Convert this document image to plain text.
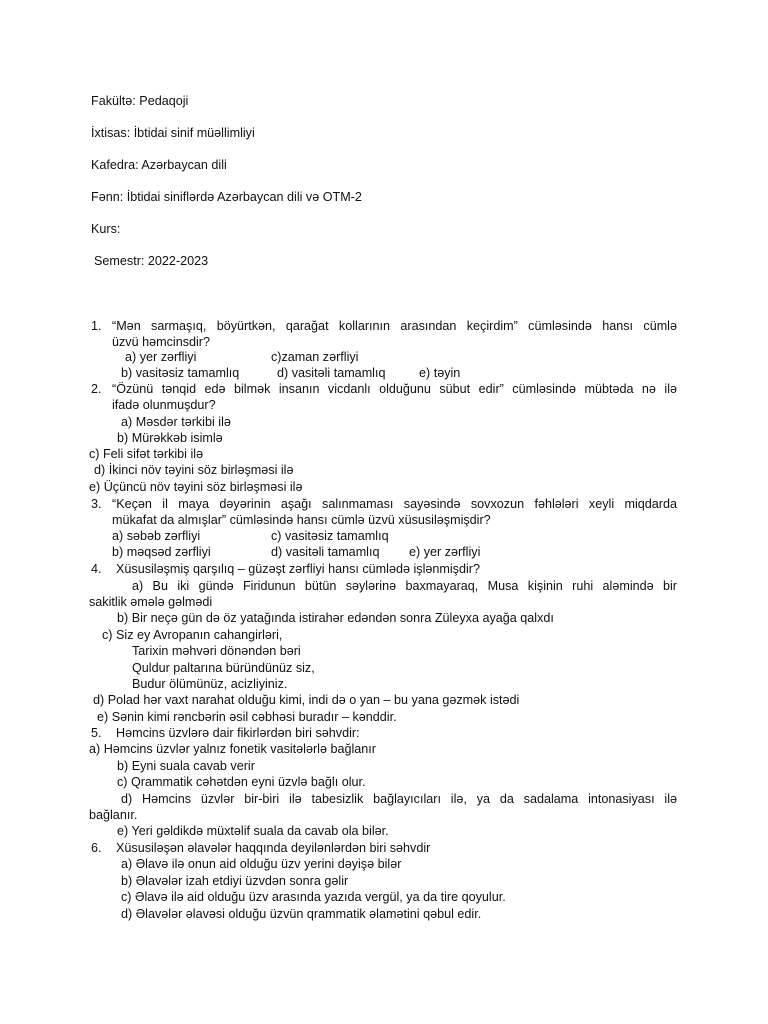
Fakültə: Pedaqoji
İxtisas: İbtidai sinif müəllimliyi
Kafedra: Azərbaycan dili
Fənn: İbtidai siniflərdə Azərbaycan dili və OTM-2
Kurs:
Semestr: 2022-2023
1. “Mən sarmaşıq, böyürtkən, qarağat kollarının arasından keçirdim” cümləsində hansı cümlə
üzvü həmcinsdir?
a) yer zərfliyi	c)zaman zərfliyi
b) vasitəsiz tamamlıq	d) vasitəli tamamlıq	e) təyin
2. “Özünü tənqid edə bilmək insanın vicdanlı olduğunu sübut edir” cümləsində mübtəda nə ilə
ifadə olunmuşdur?
a) Məsdər tərkibi ilə
b) Mürəkkəb isimlə
c) Feli sifət tərkibi ilə
d) İkinci növ təyini söz birləşməsi ilə
e) Üçüncü növ təyini söz birləşməsi ilə
3. “Keçən il maya dəyərinin aşağı salınmaması sayəsində sovxozun fəhlələri xeyli miqdarda
mükafat da almışlar” cümləsində hansı cümlə üzvü xüsusiləşmişdir?
a) səbəb zərfliyi	c) vasitəsiz tamamlıq
b) məqsəd zərfliyi	d) vasitəli tamamlıq e) yer zərfliyi
4. Xüsusiləşmiş qarşılıq – güzəşt zərfliyi hansı cümlədə işlənmişdir?
a) Bu iki gündə Firidunun bütün səylərinə baxmayaraq, Musa kişinin ruhi aləmində bir
sakitlik əmələ gəlmədi
b) Bir neçə gün də öz yatağında istirahər edəndən sonra Züleyxa ayağa qalxdı
c) Siz ey Avropanın cahangirləri,
Tarixin məhvəri dönəndən bəri
Quldur paltarına büründünüz siz,
Budur ölümünüz, acizliyiniz.
d) Polad hər vaxt narahat olduğu kimi, indi də o yan – bu yana gəzmək istədi
e) Sənin kimi rəncbərin əsil cəbhəsi buradır – kənddir.
5. Həmcins üzvlərə dair fikirlərdən biri səhvdir:
a) Həmcins üzvlər yalnız fonetik vasitələrlə bağlanır
b) Eyni suala cavab verir
c) Qrammatik cəhətdən eyni üzvlə bağlı olur.
d) Həmcins üzvlər bir-biri ilə tabesizlik bağlayıcıları ilə, ya da sadalama intonasiyası ilə
bağlanır.
e) Yeri gəldikdə müxtəlif suala da cavab ola bilər.
6. Xüsusiləşən əlavələr haqqında deyilənlərdən biri səhvdir
a) Əlavə ilə onun aid olduğu üzv yerini dəyişə bilər
b) Əlavələr izah etdiyi üzvdən sonra gəlir
c) Əlavə ilə aid olduğu üzv arasında yazıda vergül, ya da tire qoyulur.
d) Əlavələr əlavəsi olduğu üzvün qrammatik əlamətini qəbul edir.
